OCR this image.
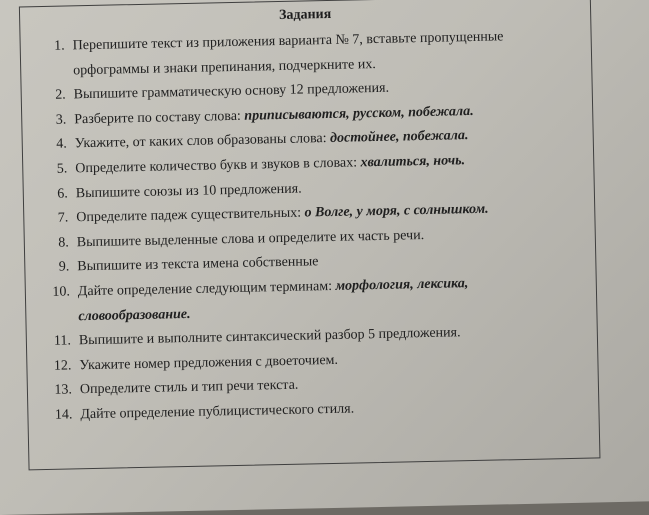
Задания
1. Перепишите текст из приложения варианта № 7, вставьте пропущенные
орфограммы и знаки препинания, подчеркните их.
2. Выпишите грамматическую основу 12 предложения.
3. Разберите по составу слова: приписываются, русском, побежала.
4. Укажите, от каких слов образованы слова: достойнее, побежала.
5. Определите количество букв и звуков в словах: хвалиться, ночь.
6. Выпишите союзы из 10 предложения.
7. Определите падеж существительных: о Волге, у моря, с солнышком.
8. Выпишите выделенные слова и определите их часть речи.
9. Выпишите из текста имена собственные
10. Дайте определение следующим терминам: морфология, лексика,
словообразование.
11. Выпишите и выполните синтаксический разбор 5 предложения.
12. Укажите номер предложения с двоеточием.
13. Определите стиль и тип речи текста.
14. Дайте определение публицистического стиля.
